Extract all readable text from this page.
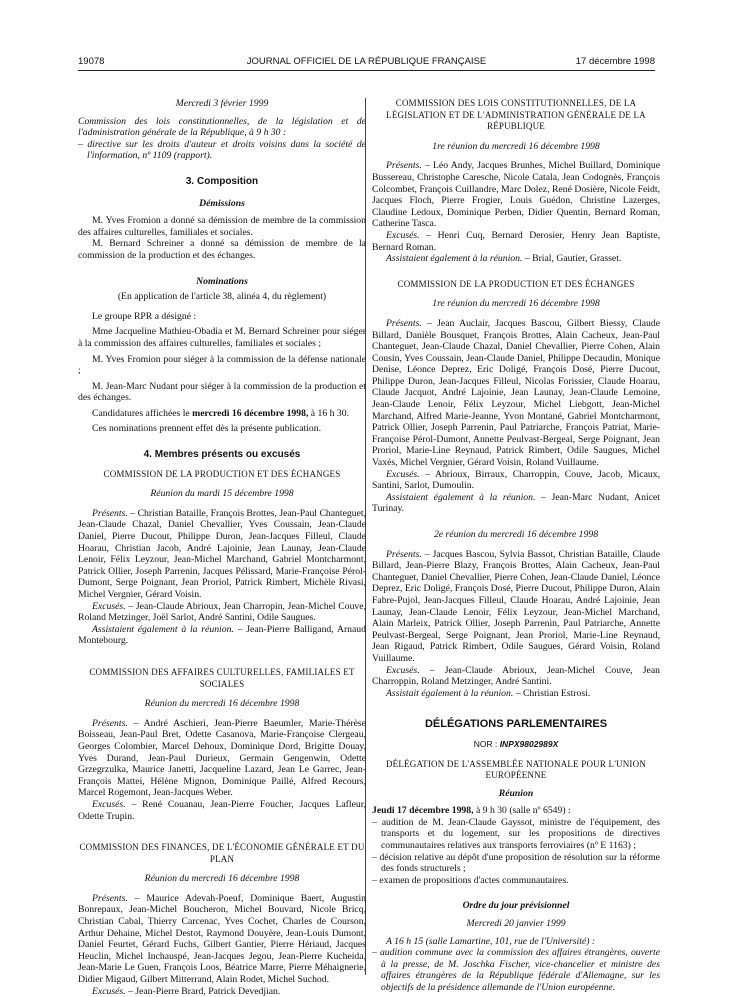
19078	JOURNAL OFFICIEL DE LA RÉPUBLIQUE FRANÇAISE	17 décembre 1998

Mercredi 3 février 1999

Commission des lois constitutionnelles, de la législation et de l'administration générale de la République, à 9 h 30 :

– directive sur les droits d'auteur et droits voisins dans la société de l'information, nº 1109 (rapport).

3. Composition

Démissions

M. Yves Fromion a donné sa démission de membre de la commission des affaires culturelles, familiales et sociales.

M. Bernard Schreiner a donné sa démission de membre de la commission de la production et des échanges.

Nominations

(En application de l'article 38, alinéa 4, du règlement)

Le groupe RPR a désigné :

Mme Jacqueline Mathieu-Obadia et M. Bernard Schreiner pour siéger à la commission des affaires culturelles, familiales et sociales ;

M. Yves Fromion pour siéger à la commission de la défense nationale ;

M. Jean-Marc Nudant pour siéger à la commission de la production et des échanges.

Candidatures affichées le mercredi 16 décembre 1998, à 16 h 30.

Ces nominations prennent effet dès la présente publication.

4. Membres présents ou excusés

COMMISSION DE LA PRODUCTION ET DES ÉCHANGES

Réunion du mardi 15 décembre 1998

Présents. – Christian Bataille, François Brottes, Jean-Paul Chanteguet, Jean-Claude Chazal, Daniel Chevallier, Yves Coussain, Jean-Claude Daniel, Pierre Ducout, Philippe Duron, Jean-Jacques Filleul, Claude Hoarau, Christian Jacob, André Lajoinie, Jean Launay, Jean-Claude Lenoir, Félix Leyzour, Jean-Michel Marchand, Gabriel Montcharmont, Patrick Ollier, Joseph Parrenin, Jacques Pélissard, Marie-Françoise Pérol-Dumont, Serge Poignant, Jean Proriol, Patrick Rimbert, Michèle Rivasi, Michel Vergnier, Gérard Voisin.

Excusés. – Jean-Claude Abrioux, Jean Charropin, Jean-Michel Couve, Roland Metzinger, Joël Sarlot, André Santini, Odile Saugues.

Assistaient également à la réunion. – Jean-Pierre Balligand, Arnaud Montebourg.

COMMISSION DES AFFAIRES CULTURELLES, FAMILIALES ET SOCIALES

Réunion du mercredi 16 décembre 1998

Présents. – André Aschieri, Jean-Pierre Baeumler, Marie-Thérèse Boisseau, Jean-Paul Bret, Odette Casanova, Marie-Françoise Clergeau, Georges Colombier, Marcel Dehoux, Dominique Dord, Brigitte Douay, Yves Durand, Jean-Paul Durieux, Germain Gengenwin, Odette Grzegrzulka, Maurice Janetti, Jacqueline Lazard, Jean Le Garrec, Jean-François Mattei, Hélène Mignon, Dominique Paillé, Alfred Recours, Marcel Rogemont, Jean-Jacques Weber.

Excusés. – René Couanau, Jean-Pierre Foucher, Jacques Lafleur, Odette Trupin.

COMMISSION DES FINANCES, DE L'ÉCONOMIE GÉNÉRALE ET DU PLAN

Réunion du mercredi 16 décembre 1998

Présents. – Maurice Adevah-Poeuf, Dominique Baert, Augustin Bonrepaux, Jean-Michel Boucheron, Michel Bouvard, Nicole Bricq, Christian Cabal, Thierry Carcenac, Yves Cochet, Charles de Courson, Arthur Dehaine, Michel Destot, Raymond Douyère, Jean-Louis Dumont, Daniel Feurtet, Gérard Fuchs, Gilbert Gantier, Pierre Hériaud, Jacques Heuclin, Michel Inchauspé, Jean-Jacques Jegou, Jean-Pierre Kucheida, Jean-Marie Le Guen, François Loos, Béatrice Marre, Pierre Méhaignerie, Didier Migaud, Gilbert Mitterrand, Alain Rodet, Michel Suchod.

Excusés. – Jean-Pierre Brard, Patrick Devedjian.

COMMISSION DES LOIS CONSTITUTIONNELLES, DE LA LÉGISLATION ET DE L'ADMINISTRATION GÉNÉRALE DE LA RÉPUBLIQUE

1re réunion du mercredi 16 décembre 1998

Présents. – Léo Andy, Jacques Brunhes, Michel Buillard, Dominique Bussereau, Christophe Caresche, Nicole Catala, Jean Codognès, François Colcombet, François Cuillandre, Marc Dolez, René Dosière, Nicole Feidt, Jacques Floch, Pierre Frogier, Louis Guédon, Christine Lazerges, Claudine Ledoux, Dominique Perben, Didier Quentin, Bernard Roman, Catherine Tasca.

Excusés. – Henri Cuq, Bernard Derosier, Henry Jean Baptiste, Bernard Roman.

Assistaient également à la réunion. – Brial, Gautier, Grasset.

COMMISSION DE LA PRODUCTION ET DES ÉCHANGES

1re réunion du mercredi 16 décembre 1998

Présents. – Jean Auclair, Jacques Bascou, Gilbert Biessy, Claude Billard, Danièle Bousquet, François Brottes, Alain Cacheux, Jean-Paul Chanteguet, Jean-Claude Chazal, Daniel Chevallier, Pierre Cohen, Alain Cousin, Yves Coussain, Jean-Claude Daniel, Philippe Decaudin, Monique Denise, Léonce Deprez, Eric Doligé, François Dosé, Pierre Ducout, Philippe Duron, Jean-Jacques Filleul, Nicolas Forissier, Claude Hoarau, Claude Jacquot, André Lajoinie, Jean Launay, Jean-Claude Lemoine, Jean-Claude Lenoir, Félix Leyzour, Michel Liebgott, Jean-Michel Marchand, Alfred Marie-Jeanne, Yvon Montané, Gabriel Montcharmont, Patrick Ollier, Joseph Parrenin, Paul Patriarche, François Patriat, Marie-Françoise Pérol-Dumont, Annette Peulvast-Bergeal, Serge Poignant, Jean Proriol, Marie-Line Reynaud, Patrick Rimbert, Odile Saugues, Michel Vaxès, Michel Vergnier, Gérard Voisin, Roland Vuillaume.

Excusés. – Abrioux, Birraux, Charroppin, Couve, Jacob, Micaux, Santini, Sarlot, Dumoulin.

Assistaient également à la réunion. – Jean-Marc Nudant, Anicet Turinay.

2e réunion du mercredi 16 décembre 1998

Présents. – Jacques Bascou, Sylvia Bassot, Christian Bataille, Claude Billard, Jean-Pierre Blazy, François Brottes, Alain Cacheux, Jean-Paul Chanteguet, Daniel Chevallier, Pierre Cohen, Jean-Claude Daniel, Léonce Deprez, Eric Doligé, François Dosé, Pierre Ducout, Philippe Duron, Alain Fabre-Pujol, Jean-Jacques Filleul, Claude Hoarau, André Lajoinie, Jean Launay, Jean-Claude Lenoir, Félix Leyzour, Jean-Michel Marchand, Alain Marleix, Patrick Ollier, Joseph Parrenin, Paul Patriarche, Annette Peulvast-Bergeal, Serge Poignant, Jean Proriol, Marie-Line Reynaud, Jean Rigaud, Patrick Rimbert, Odile Saugues, Gérard Voisin, Roland Vuillaume.

Excusés. – Jean-Claude Abrioux, Jean-Michel Couve, Jean Charroppin, Roland Metzinger, André Santini.

Assistait également à la réunion. – Christian Estrosi.

DÉLÉGATIONS PARLEMENTAIRES

NOR : INPX9802989X

DÉLÉGATION DE L'ASSEMBLÉE NATIONALE POUR L'UNION EUROPÉENNE

Réunion

Jeudi 17 décembre 1998, à 9 h 30 (salle nº 6549) :

– audition de M. Jean-Claude Gayssot, ministre de l'équipement, des transports et du logement, sur les propositions de directives communautaires relatives aux transports ferroviaires (nº E 1163) ;

– décision relative au dépôt d'une proposition de résolution sur la réforme des fonds structurels ;

– examen de propositions d'actes communautaires.

Ordre du jour prévisionnel

Mercredi 20 janvier 1999

A 16 h 15 (salle Lamartine, 101, rue de l'Université) :

– audition commune avec la commission des affaires étrangères, ouverte à la presse, de M. Joschka Fischer, vice-chancelier et ministre des affaires étrangères de la République fédérale d'Allemagne, sur les objectifs de la présidence allemande de l'Union européenne.
